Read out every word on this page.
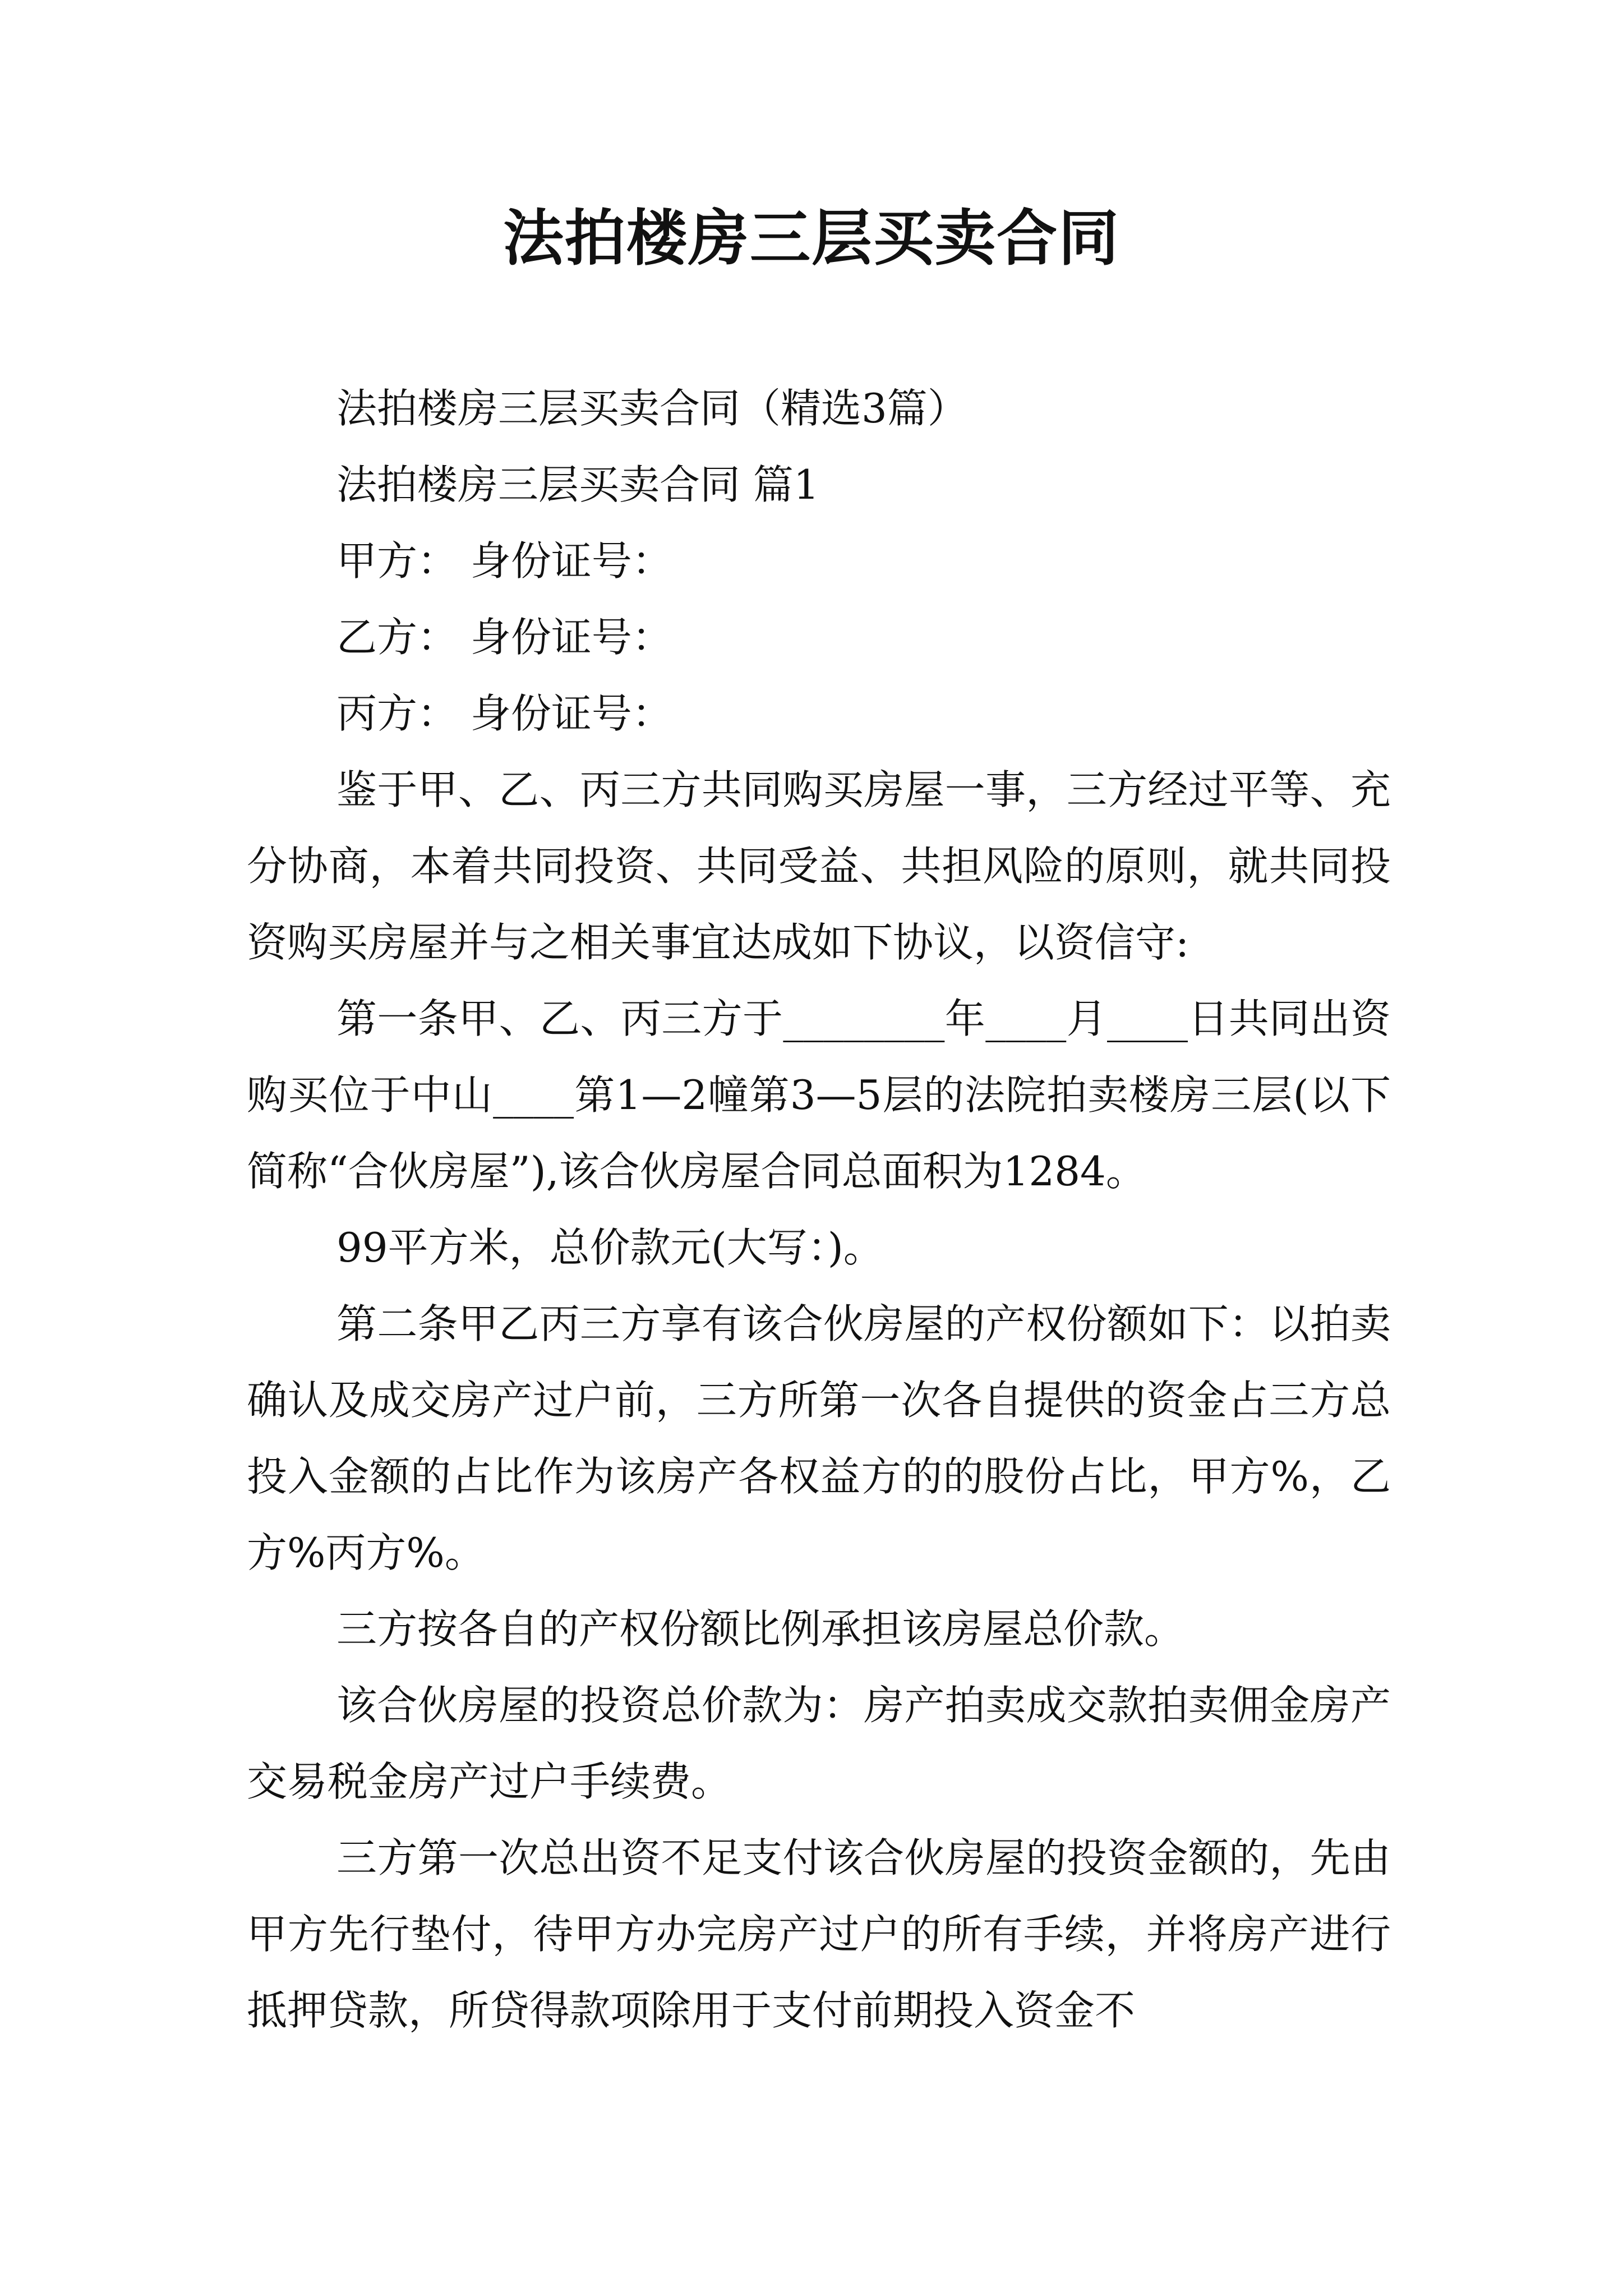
法拍楼房三层买卖合同

法拍楼房三层买卖合同（精选3篇）

法拍楼房三层买卖合同 篇1

甲方： 身份证号：

乙方： 身份证号：

丙方： 身份证号：

鉴于甲、乙、丙三方共同购买房屋一事，三方经过平等、充分协商，本着共同投资、共同受益、共担风险的原则，就共同投资购买房屋并与之相关事宜达成如下协议，以资信守:

第一条甲、乙、丙三方于________年____月____日共同出资购买位于中山____第1—2幢第3—5层的法院拍卖楼房三层(以下简称“合伙房屋”),该合伙房屋合同总面积为1284。

99平方米，总价款元(大写：)。

第二条甲乙丙三方享有该合伙房屋的产权份额如下：以拍卖确认及成交房产过户前，三方所第一次各自提供的资金占三方总投入金额的占比作为该房产各权益方的的股份占比，甲方%，乙方%丙方%。

三方按各自的产权份额比例承担该房屋总价款。

该合伙房屋的投资总价款为：房产拍卖成交款拍卖佣金房产交易税金房产过户手续费。

三方第一次总出资不足支付该合伙房屋的投资金额的，先由甲方先行垫付，待甲方办完房产过户的所有手续，并将房产进行抵押贷款，所贷得款项除用于支付前期投入资金不
